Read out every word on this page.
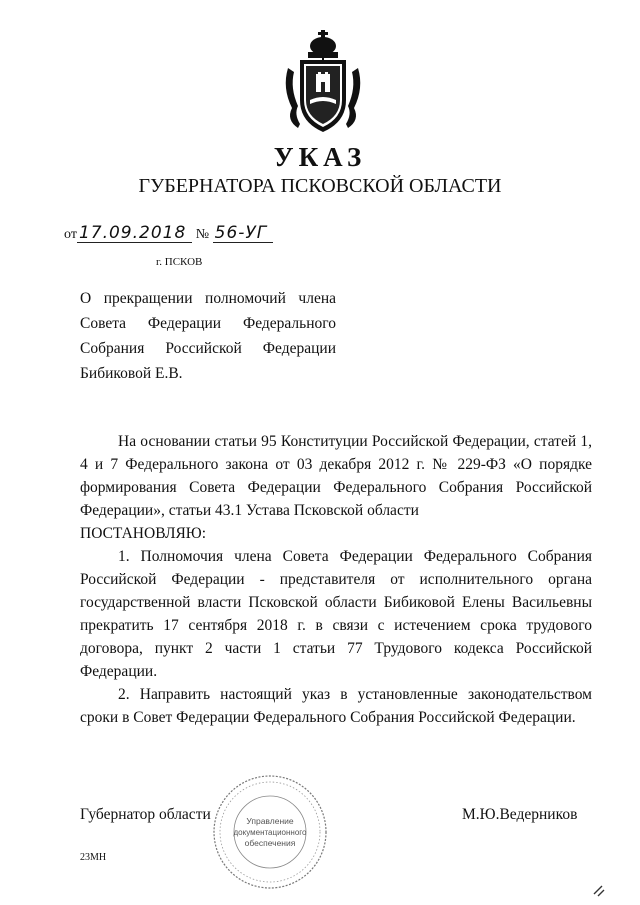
УКАЗ
ГУБЕРНАТОРА ПСКОВСКОЙ ОБЛАСТИ
от 17.09.2018 № 56-УГ
г. ПСКОВ
О прекращении полномочий члена
Совета Федерации Федерального
Собрания Российской Федерации
Бибиковой Е.В.

На основании статьи 95 Конституции Российской Федерации, статей 1, 4 и 7 Федерального закона от 03 декабря 2012 г. № 229-ФЗ «О порядке формирования Совета Федерации Федерального Собрания Российской Федерации», статьи 43.1 Устава Псковской области

ПОСТАНОВЛЯЮ:

1. Полномочия члена Совета Федерации Федерального Собрания Российской Федерации - представителя от исполнительного органа государственной власти Псковской области Бибиковой Елены Васильевны прекратить 17 сентября 2018 г. в связи с истечением срока трудового договора, пункт 2 части 1 статьи 77 Трудового кодекса Российской Федерации.

2. Направить настоящий указ в установленные законодательством сроки в Совет Федерации Федерального Собрания Российской Федерации.

Управление
документационного
обеспечения
Губернатор области	М.Ю.Ведерников
23МН
